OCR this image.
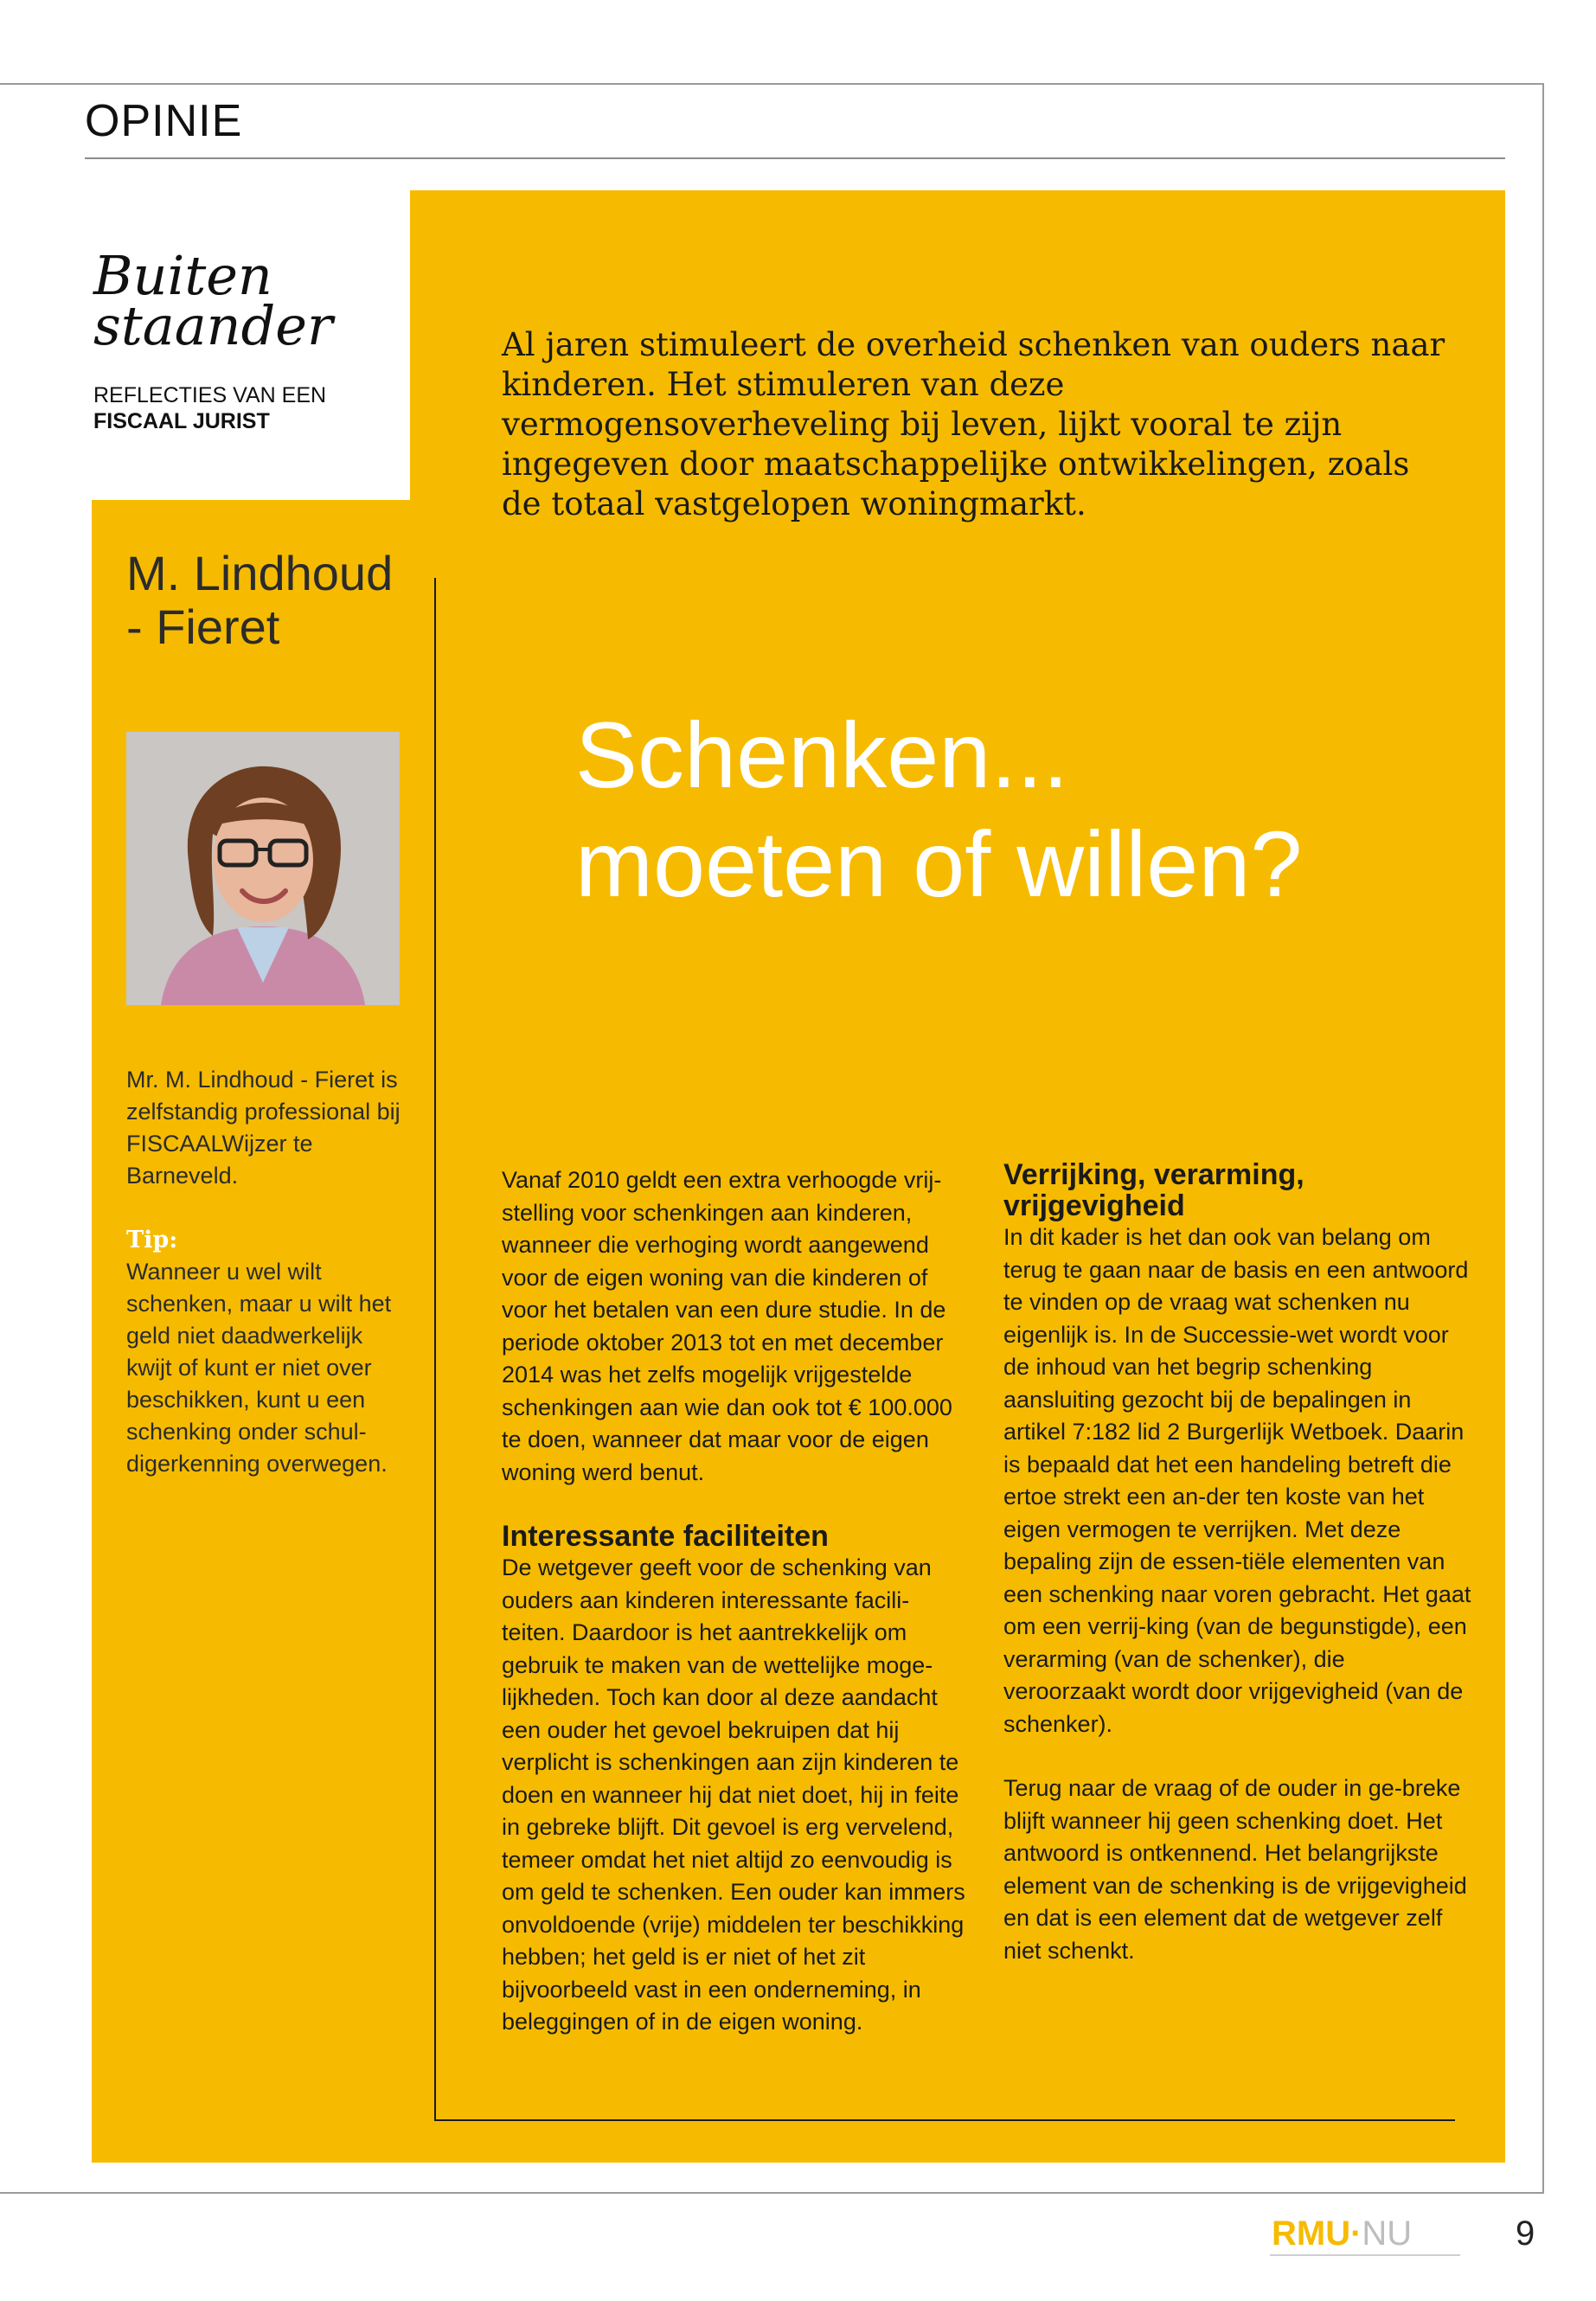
OPINIE
Buiten
staander
REFLECTIES VAN EEN
FISCAAL JURIST
M. Lindhoud
- Fieret
Mr. M. Lindhoud - Fieret is zelfstandig professional bij FISCAALWijzer te Barneveld.
Tip:
Wanneer u wel wilt schenken, maar u wilt het geld niet daadwerkelijk kwijt of kunt er niet over beschikken, kunt u een schenking onder schul-digerkenning overwegen.
Al jaren stimuleert de overheid schenken van ouders naar kinderen. Het stimuleren van deze vermogensoverheveling bij leven, lijkt vooral te zijn ingegeven door maatschappelijke ontwikkelingen, zoals de totaal vastgelopen woningmarkt.
Schenken...
moeten of willen?

Vanaf 2010 geldt een extra verhoogde vrij-stelling voor schenkingen aan kinderen, wanneer die verhoging wordt aangewend voor de eigen woning van die kinderen of voor het betalen van een dure studie. In de periode oktober 2013 tot en met december 2014 was het zelfs mogelijk vrijgestelde schenkingen aan wie dan ook tot € 100.000 te doen, wanneer dat maar voor de eigen woning werd benut.

Interessante faciliteiten

De wetgever geeft voor de schenking van ouders aan kinderen interessante facili-teiten. Daardoor is het aantrekkelijk om gebruik te maken van de wettelijke moge-lijkheden. Toch kan door al deze aandacht een ouder het gevoel bekruipen dat hij verplicht is schenkingen aan zijn kinderen te doen en wanneer hij dat niet doet, hij in feite in gebreke blijft. Dit gevoel is erg vervelend, temeer omdat het niet altijd zo eenvoudig is om geld te schenken. Een ouder kan immers onvoldoende (vrije) middelen ter beschikking hebben; het geld is er niet of het zit bijvoorbeeld vast in een onderneming, in beleggingen of in de eigen woning.

Verrijking, verarming, vrijgevigheid

In dit kader is het dan ook van belang om terug te gaan naar de basis en een antwoord te vinden op de vraag wat schenken nu eigenlijk is. In de Successie-wet wordt voor de inhoud van het begrip schenking aansluiting gezocht bij de bepalingen in artikel 7:182 lid 2 Burgerlijk Wetboek. Daarin is bepaald dat het een handeling betreft die ertoe strekt een an-der ten koste van het eigen vermogen te verrijken. Met deze bepaling zijn de essen-tiële elementen van een schenking naar voren gebracht. Het gaat om een verrij-king (van de begunstigde), een verarming (van de schenker), die veroorzaakt wordt door vrijgevigheid (van de schenker).

Terug naar de vraag of de ouder in ge-breke blijft wanneer hij geen schenking doet. Het antwoord is ontkennend. Het belangrijkste element van de schenking is de vrijgevigheid en dat is een element dat de wetgever zelf niet schenkt.

RMU·NU	9
